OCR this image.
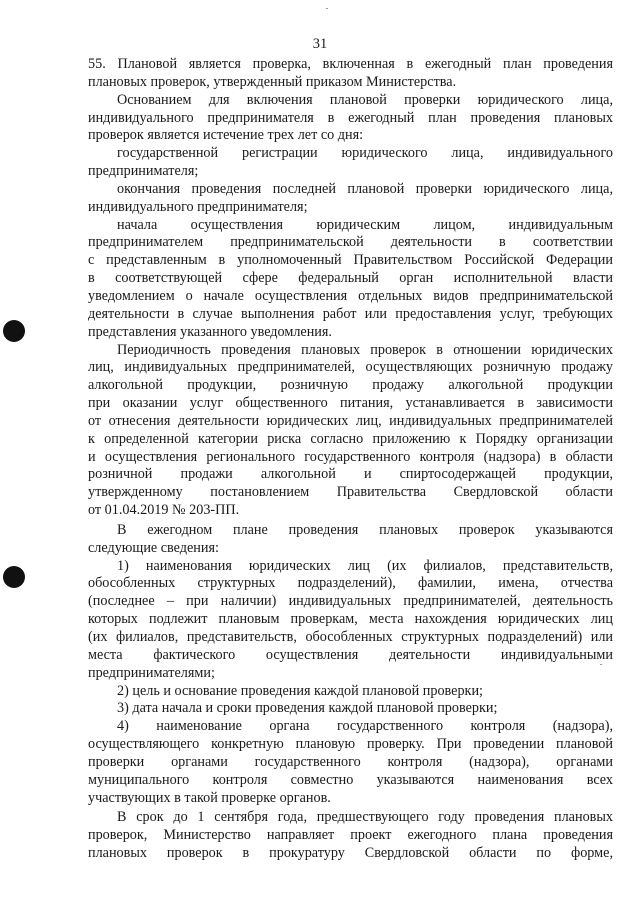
31
55. Плановой является проверка, включенная в ежегодный план проведения
плановых проверок, утвержденный приказом Министерства.
Основанием для включения плановой проверки юридического лица,
индивидуального предпринимателя в ежегодный план проведения плановых
проверок является истечение трех лет со дня:
государственной регистрации юридического лица, индивидуального
предпринимателя;
окончания проведения последней плановой проверки юридического лица,
индивидуального предпринимателя;
начала осуществления юридическим лицом, индивидуальным
предпринимателем предпринимательской деятельности в соответствии
с представленным в уполномоченный Правительством Российской Федерации
в соответствующей сфере федеральный орган исполнительной власти
уведомлением о начале осуществления отдельных видов предпринимательской
деятельности в случае выполнения работ или предоставления услуг, требующих
представления указанного уведомления.
Периодичность проведения плановых проверок в отношении юридических
лиц, индивидуальных предпринимателей, осуществляющих розничную продажу
алкогольной продукции, розничную продажу алкогольной продукции
при оказании услуг общественного питания, устанавливается в зависимости
от отнесения деятельности юридических лиц, индивидуальных предпринимателей
к определенной категории риска согласно приложению к Порядку организации
и осуществления регионального государственного контроля (надзора) в области
розничной продажи алкогольной и спиртосодержащей продукции,
утвержденному постановлением Правительства Свердловской области
от 01.04.2019 № 203-ПП.
В ежегодном плане проведения плановых проверок указываются
следующие сведения:
1) наименования юридических лиц (их филиалов, представительств,
обособленных структурных подразделений), фамилии, имена, отчества
(последнее – при наличии) индивидуальных предпринимателей, деятельность
которых подлежит плановым проверкам, места нахождения юридических лиц
(их филиалов, представительств, обособленных структурных подразделений) или
места фактического осуществления деятельности индивидуальными
предпринимателями;
2) цель и основание проведения каждой плановой проверки;
3) дата начала и сроки проведения каждой плановой проверки;
4) наименование органа государственного контроля (надзора),
осуществляющего конкретную плановую проверку. При проведении плановой
проверки органами государственного контроля (надзора), органами
муниципального контроля совместно указываются наименования всех
участвующих в такой проверке органов.
В срок до 1 сентября года, предшествующего году проведения плановых
проверок, Министерство направляет проект ежегодного плана проведения
плановых проверок в прокуратуру Свердловской области по форме,
